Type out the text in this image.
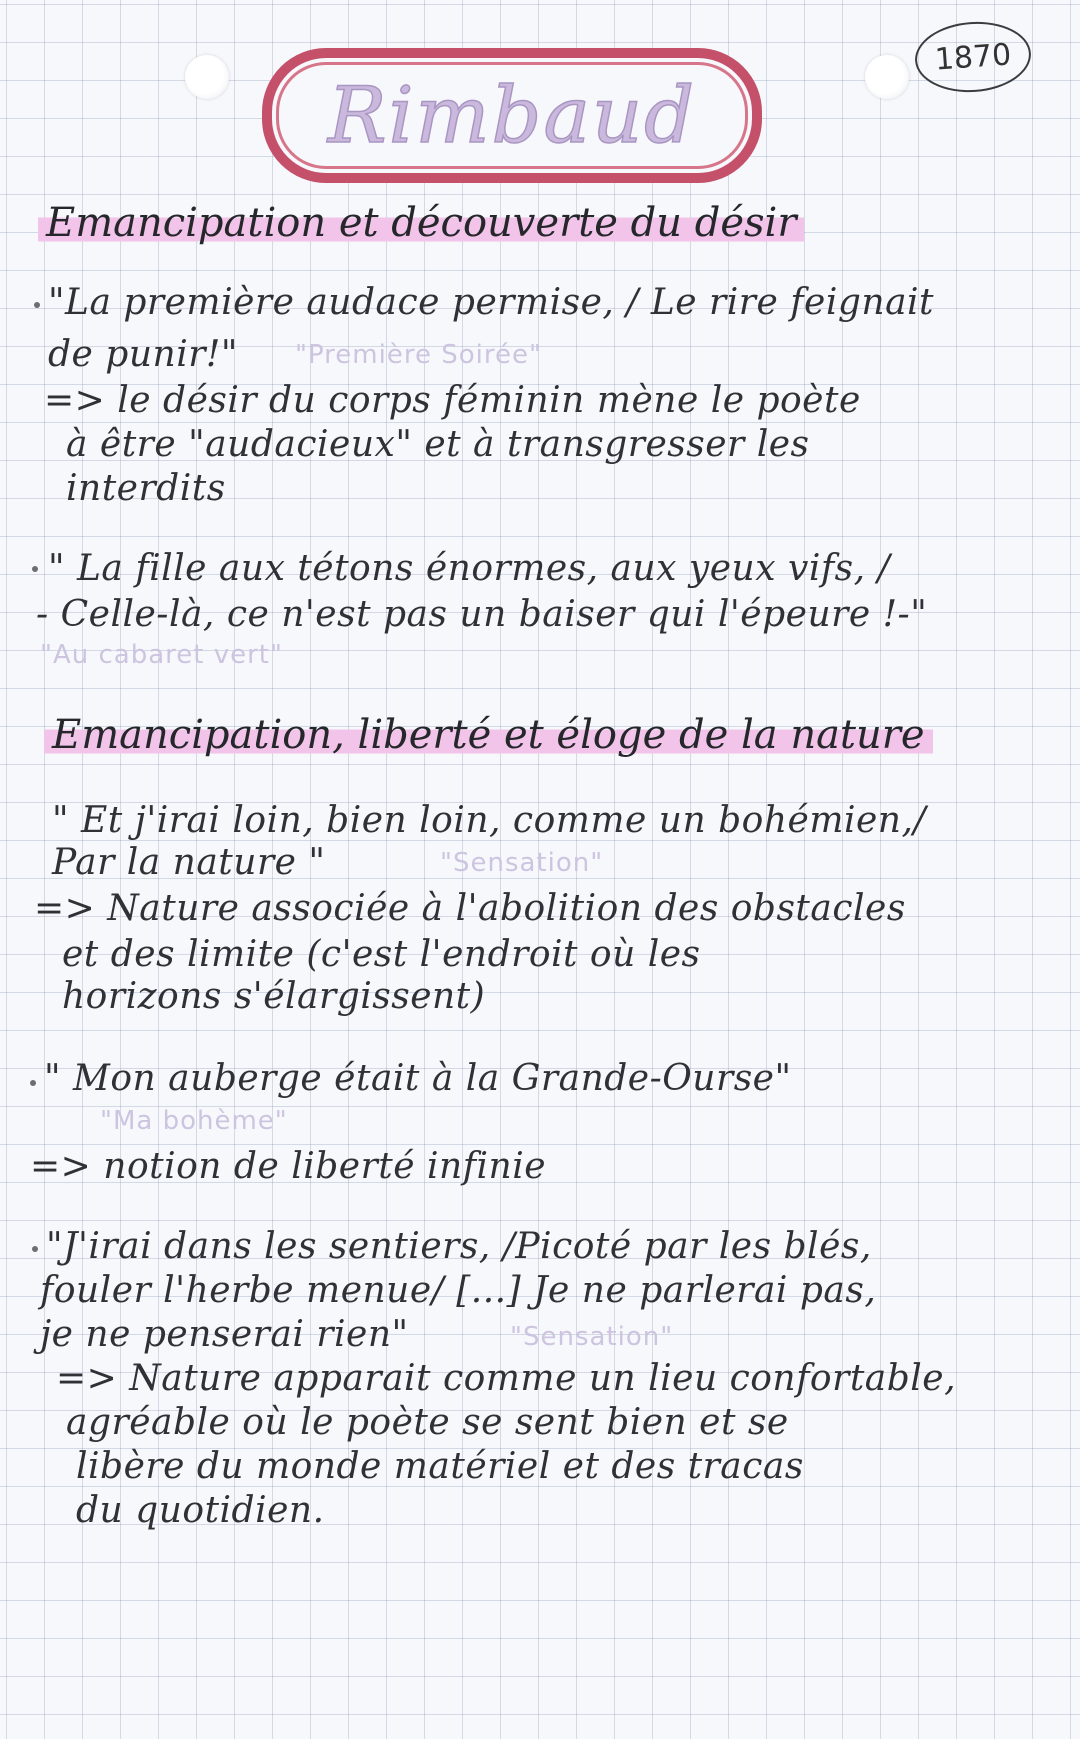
1870
Rimbaud
Emancipation et découverte du désir
"La première audace permise, / Le rire feignait
de punir!" "Première Soirée"
=> le désir du corps féminin mène le poète
à être "audacieux" et à transgresser les
interdits
" La fille aux tétons énormes, aux yeux vifs, /
- Celle-là, ce n'est pas un baiser qui l'épeure !-"
"Au cabaret vert"
Emancipation, liberté et éloge de la nature
" Et j'irai loin, bien loin, comme un bohémien,/
Par la nature "	"Sensation"
=> Nature associée à l'abolition des obstacles
et des limite (c'est l'endroit où les
horizons s'élargissent)
" Mon auberge était à la Grande-Ourse"
"Ma bohème"
=> notion de liberté infinie
"J'irai dans les sentiers, /Picoté par les blés,
fouler l'herbe menue/ [...] Je ne parlerai pas,
je ne penserai rien"	"Sensation"
=> Nature apparait comme un lieu confortable,
agréable où le poète se sent bien et se
libère du monde matériel et des tracas
du quotidien.
